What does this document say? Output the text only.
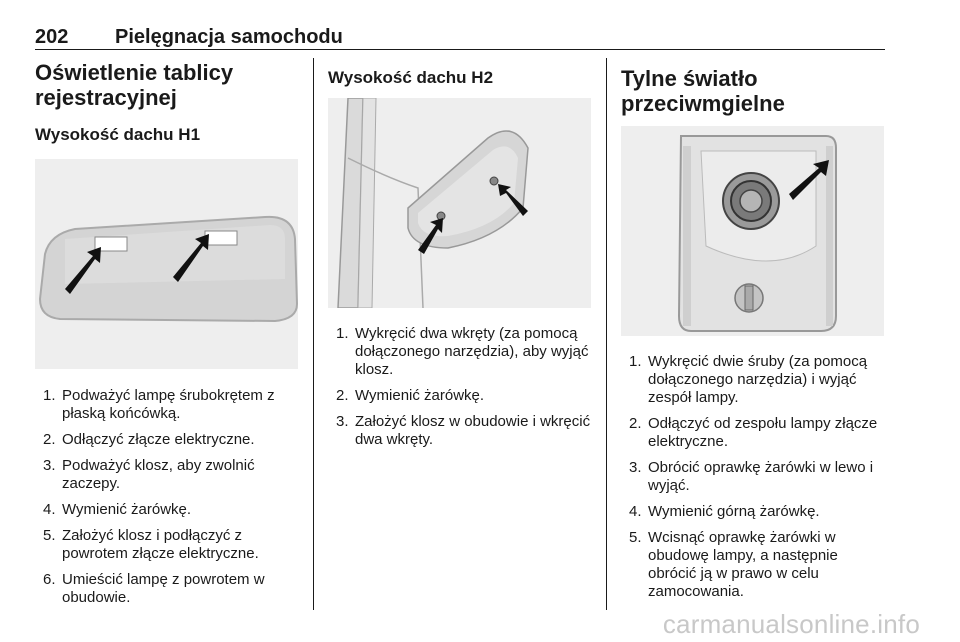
202 Pielęgnacja samochodu
Oświetlenie tablicy rejestracyjnej
Wysokość dachu H1
1. Podważyć lampę śrubokrętem z płaską końcówką.
2. Odłączyć złącze elektryczne.
3. Podważyć klosz, aby zwolnić zaczepy.
4. Wymienić żarówkę.
5. Założyć klosz i podłączyć z powrotem złącze elektryczne.
6. Umieścić lampę z powrotem w obudowie.
Wysokość dachu H2
1. Wykręcić dwa wkręty (za pomocą dołączonego narzędzia), aby wyjąć klosz.
2. Wymienić żarówkę.
3. Założyć klosz w obudowie i wkręcić dwa wkręty.
Tylne światło przeciwmgielne
1. Wykręcić dwie śruby (za pomocą dołączonego narzędzia) i wyjąć zespół lampy.
2. Odłączyć od zespołu lampy złącze elektryczne.
3. Obrócić oprawkę żarówki w lewo i wyjąć.
4. Wymienić górną żarówkę.
5. Wcisnąć oprawkę żarówki w obudowę lampy, a następnie obrócić ją w prawo w celu zamocowania.
carmanualsonline.info
